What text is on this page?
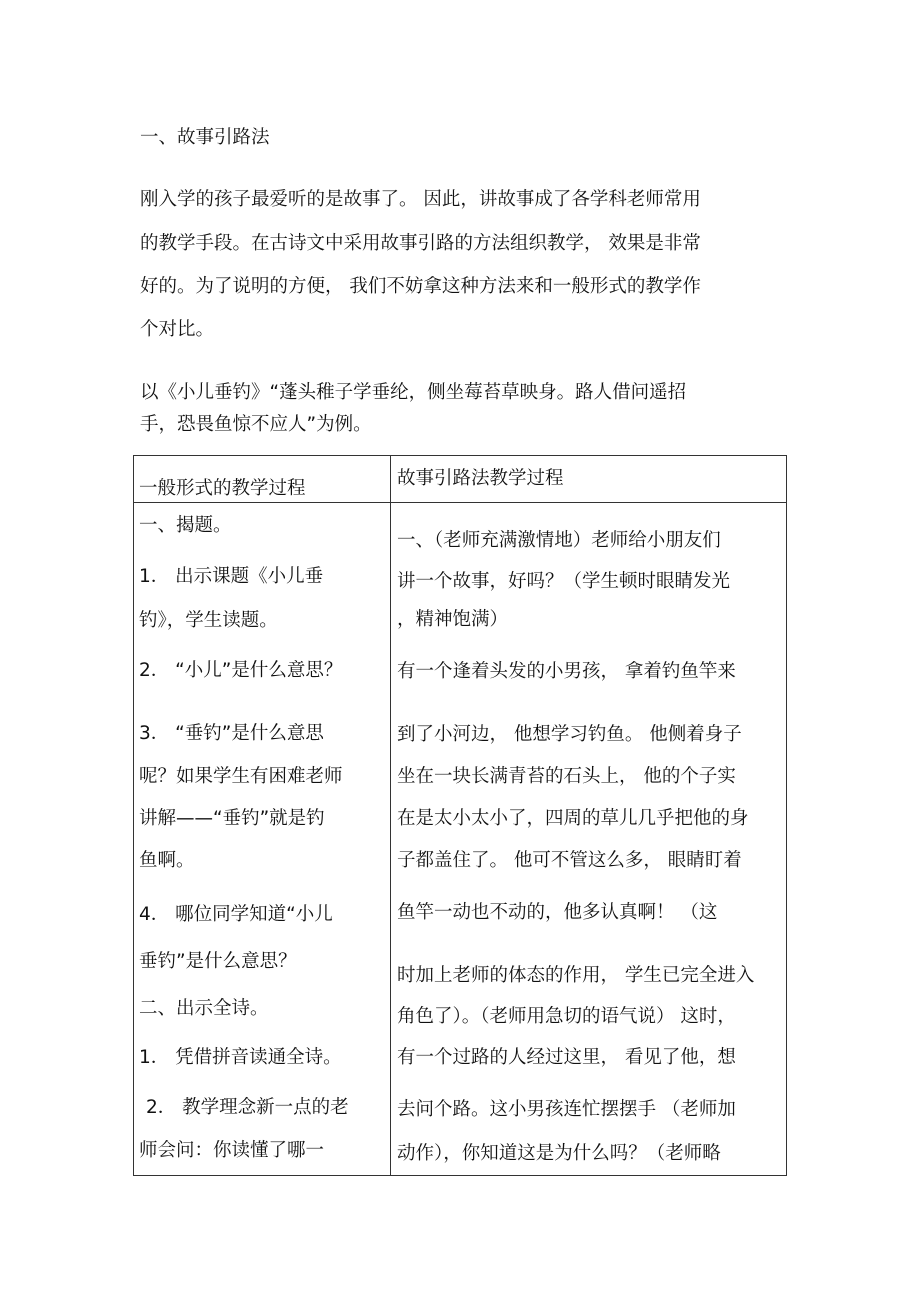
一、故事引路法

刚入学的孩子最爱听的是故事了。 因此，讲故事成了各学科老师常用

的教学手段。在古诗文中采用故事引路的方法组织教学， 效果是非常

好的。为了说明的方便， 我们不妨拿这种方法来和一般形式的教学作

个对比。

以《小儿垂钓》“蓬头稚子学垂纶，侧坐莓苔草映身。路人借问遥招

手，恐畏鱼惊不应人”为例。

一般形式的教学过程	故事引路法教学过程

一、揭题。

1． 出示课题《小儿垂

钓》，学生读题。

2． “小儿”是什么意思？

3． “垂钓”是什么意思

呢？如果学生有困难老师

讲解——“垂钓”就是钓

鱼啊。

4． 哪位同学知道“小儿

垂钓”是什么意思？

二、出示全诗。

1． 凭借拼音读通全诗。

2． 教学理念新一点的老

师会问：你读懂了哪一

一、（老师充满激情地）老师给小朋友们

讲一个故事，好吗？（学生顿时眼睛发光

，精神饱满）

有一个逢着头发的小男孩， 拿着钓鱼竿来

到了小河边， 他想学习钓鱼。 他侧着身子

坐在一块长满青苔的石头上， 他的个子实

在是太小太小了，四周的草儿几乎把他的身

子都盖住了。 他可不管这么多， 眼睛盯着

鱼竿一动也不动的，他多认真啊！ （这

时加上老师的体态的作用， 学生已完全进入

角色了）。（老师用急切的语气说） 这时，

有一个过路的人经过这里， 看见了他，想

去问个路。这小男孩连忙摆摆手 （老师加

动作），你知道这是为什么吗？（老师略
